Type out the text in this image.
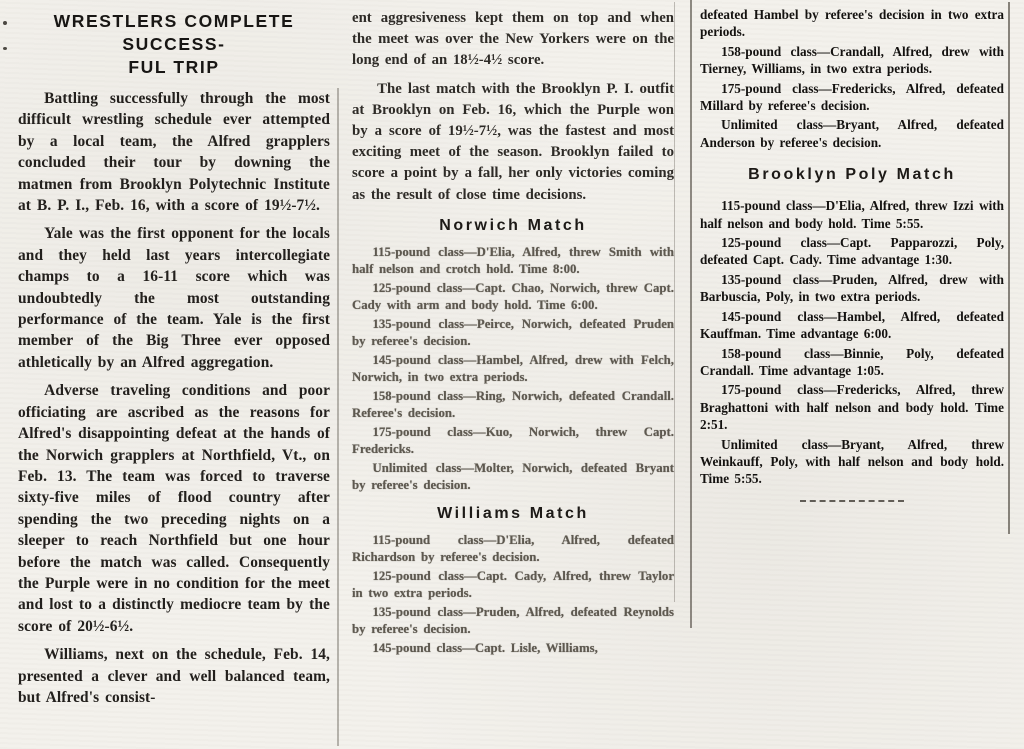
WRESTLERS COMPLETE SUCCESS-
FUL TRIP

Battling successfully through the most difficult wrestling schedule ever attempted by a local team, the Alfred grapplers concluded their tour by downing the matmen from Brooklyn Polytechnic Institute at B. P. I., Feb. 16, with a score of 19½-7½.

Yale was the first opponent for the locals and they held last years intercollegiate champs to a 16-11 score which was undoubtedly the most outstanding performance of the team. Yale is the first member of the Big Three ever opposed athletically by an Alfred aggregation.

Adverse traveling conditions and poor officiating are ascribed as the reasons for Alfred's disappointing defeat at the hands of the Norwich grapplers at Northfield, Vt., on Feb. 13. The team was forced to traverse sixty-five miles of flood country after spending the two preceding nights on a sleeper to reach Northfield but one hour before the match was called. Consequently the Purple were in no condition for the meet and lost to a distinctly mediocre team by the score of 20½-6½.

Williams, next on the schedule, Feb. 14, presented a clever and well balanced team, but Alfred's consist-

ent aggresiveness kept them on top and when the meet was over the New Yorkers were on the long end of an 18½-4½ score.

The last match with the Brooklyn P. I. outfit at Brooklyn on Feb. 16, which the Purple won by a score of 19½-7½, was the fastest and most exciting meet of the season. Brooklyn failed to score a point by a fall, her only victories coming as the result of close time decisions.

Norwich Match

115-pound class—D'Elia, Alfred, threw Smith with half nelson and crotch hold. Time 8:00.

125-pound class—Capt. Chao, Norwich, threw Capt. Cady with arm and body hold. Time 6:00.

135-pound class—Peirce, Norwich, defeated Pruden by referee's decision.

145-pound class—Hambel, Alfred, drew with Felch, Norwich, in two extra periods.

158-pound class—Ring, Norwich, defeated Crandall. Referee's decision.

175-pound class—Kuo, Norwich, threw Capt. Fredericks.

Unlimited class—Molter, Norwich, defeated Bryant by referee's decision.

Williams Match

115-pound class—D'Elia, Alfred, defeated Richardson by referee's decision.

125-pound class—Capt. Cady, Alfred, threw Taylor in two extra periods.

135-pound class—Pruden, Alfred, defeated Reynolds by referee's decision.

145-pound class—Capt. Lisle, Williams,

defeated Hambel by referee's decision in two extra periods.

158-pound class—Crandall, Alfred, drew with Tierney, Williams, in two extra periods.

175-pound class—Fredericks, Alfred, defeated Millard by referee's decision.

Unlimited class—Bryant, Alfred, defeated Anderson by referee's decision.

Brooklyn Poly Match

115-pound class—D'Elia, Alfred, threw Izzi with half nelson and body hold. Time 5:55.

125-pound class—Capt. Papparozzi, Poly, defeated Capt. Cady. Time advantage 1:30.

135-pound class—Pruden, Alfred, drew with Barbuscia, Poly, in two extra periods.

145-pound class—Hambel, Alfred, defeated Kauffman. Time advantage 6:00.

158-pound class—Binnie, Poly, defeated Crandall. Time advantage 1:05.

175-pound class—Fredericks, Alfred, threw Braghattoni with half nelson and body hold. Time 2:51.

Unlimited class—Bryant, Alfred, threw Weinkauff, Poly, with half nelson and body hold. Time 5:55.
